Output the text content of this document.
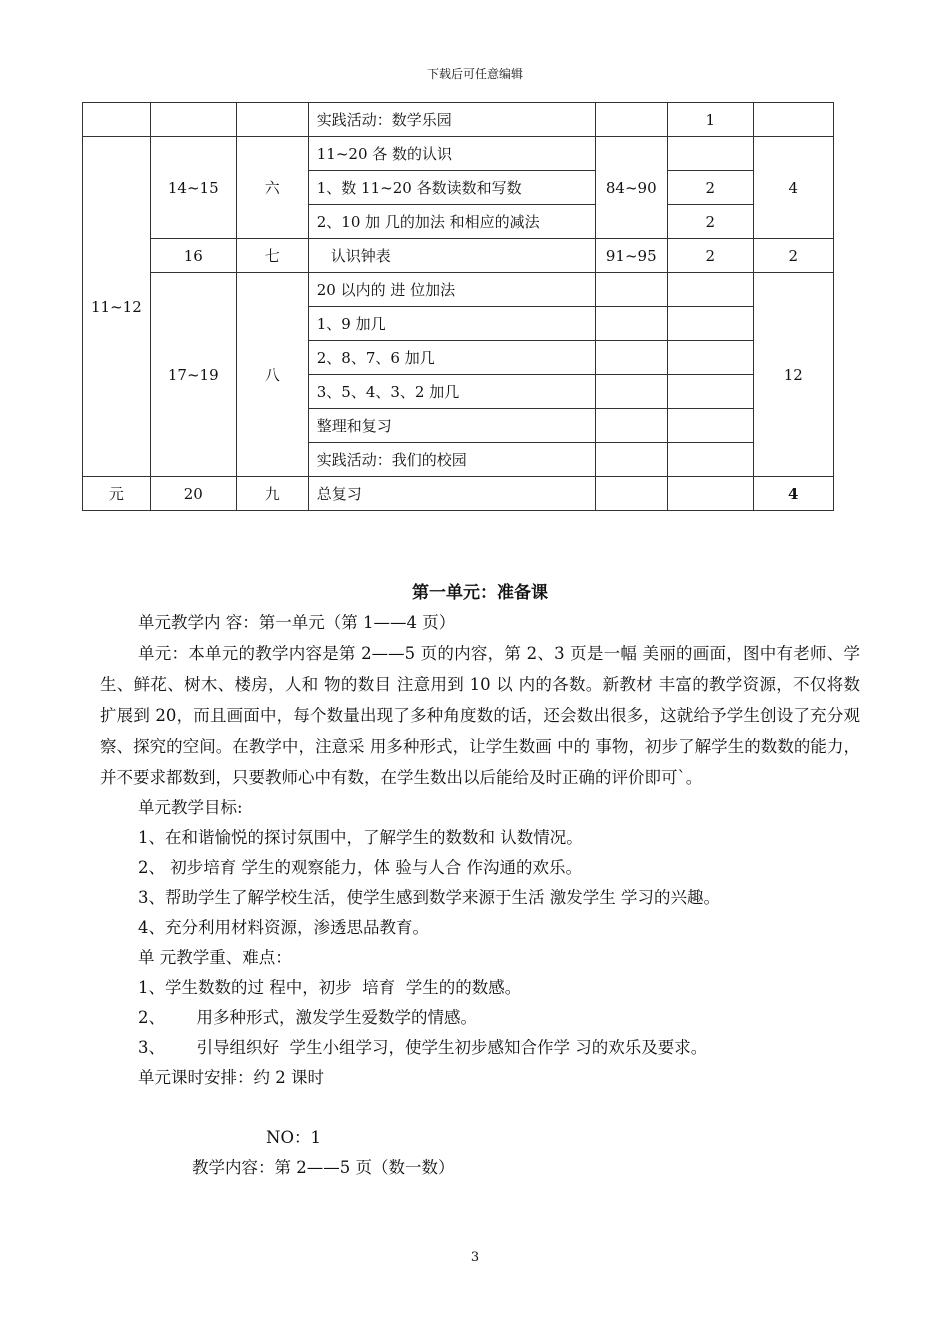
下载后可任意编辑
			实践活动：数学乐园		1	
11~12	14~15	六	11~20 各 数的认识	84~90		4
			1、数 11~20 各数读数和写数		2	
			2、10 加 几的加法 和相应的减法		2	
	16	七	认识钟表	91~95	2	2
	17~19	八	20 以内的 进 位加法			12
			1、9 加几			
			2、8、7、6 加几			
			3、5、4、3、2 加几			
			整理和复习			
			实践活动：我们的校园			
元	20	九	总复习			4
第一单元：准备课

单元教学内 容：第一单元（第 1——4 页）

单元：本单元的教学内容是第 2——5 页的内容，第 2、3 页是一幅 美丽的画面，图中有老师、学生、鲜花、树木、楼房，人和 物的数目 注意用到 10 以 内的各数。新教材 丰富的教学资源，不仅将数扩展到 20，而且画面中，每个数量出现了多种角度数的话，还会数出很多，这就给予学生创设了充分观察、探究的空间。在教学中，注意采 用多种形式，让学生数画 中的 事物，初步了解学生的数数的能力，并不要求都数到，只要教师心中有数，在学生数出以后能给及时正确的评价即可`。

单元教学目标:

1、在和谐愉悦的探讨氛围中，了解学生的数数和 认数情况。

2、 初步培育 学生的观察能力，体 验与人合 作沟通的欢乐。

3、帮助学生了解学校生活，使学生感到数学来源于生活 激发学生 学习的兴趣。

4、充分利用材料资源，渗透思品教育。

单 元教学重、难点：

1、学生数数的过 程中，初步  培育  学生的的数感。

2、      用多种形式，激发学生爱数学的情感。

3、      引导组织好  学生小组学习，使学生初步感知合作学 习的欢乐及要求。

单元课时安排：约 2 课时

NO：1

教学内容：第 2——5 页（数一数）

3
